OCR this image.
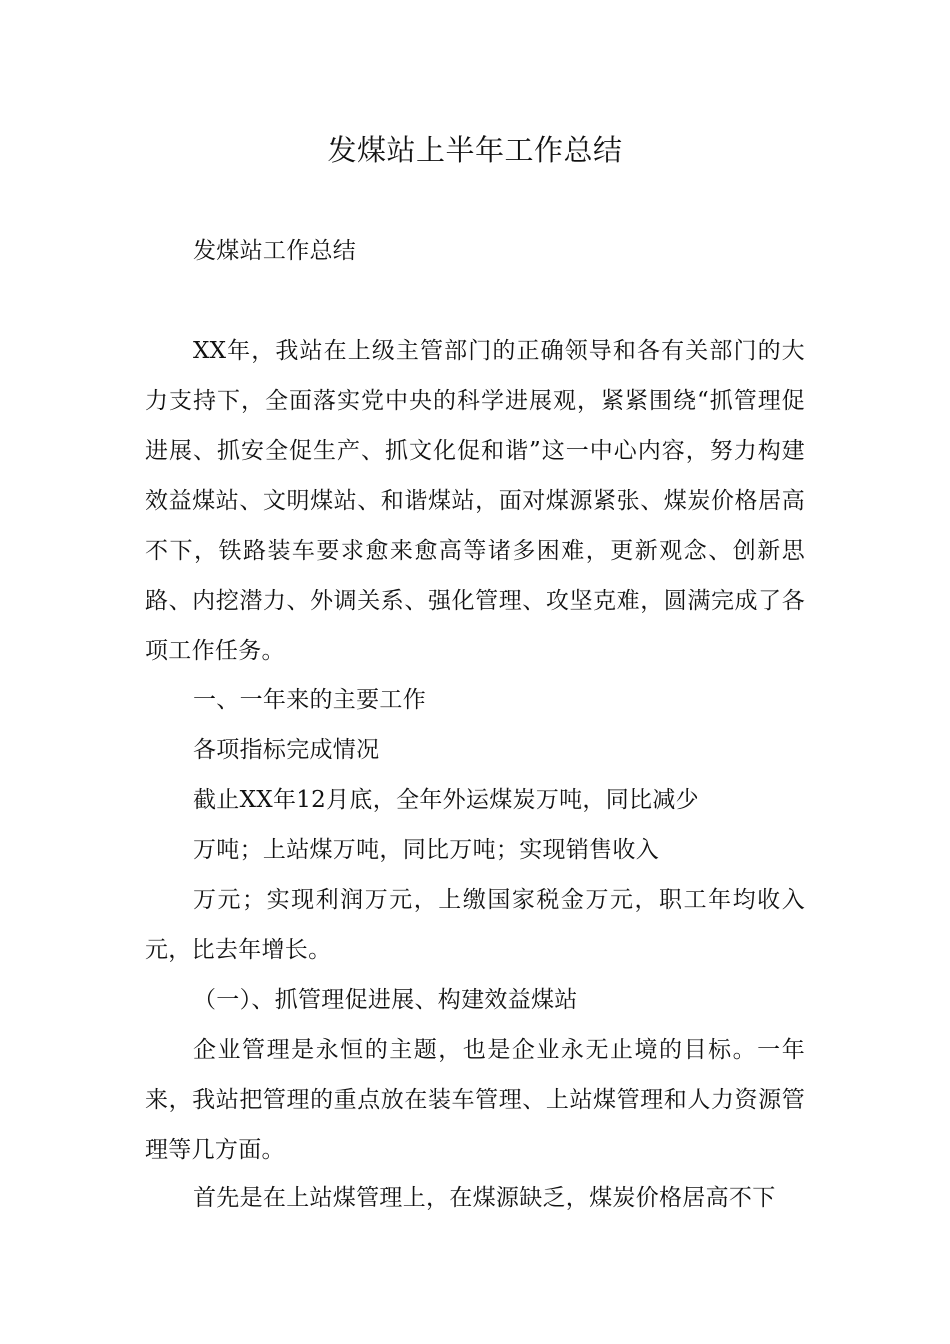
发煤站上半年工作总结
发煤站工作总结
XX年，我站在上级主管部门的正确领导和各有关部门的大力支持下，全面落实党中央的科学进展观，紧紧围绕“抓管理促进展、抓安全促生产、抓文化促和谐”这一中心内容，努力构建效益煤站、文明煤站、和谐煤站，面对煤源紧张、煤炭价格居高不下，铁路装车要求愈来愈高等诸多困难，更新观念、创新思路、内挖潜力、外调关系、强化管理、攻坚克难，圆满完成了各项工作任务。
一、一年来的主要工作
各项指标完成情况
截止XX年12月底，全年外运煤炭万吨，同比减少
万吨；上站煤万吨，同比万吨；实现销售收入
万元；实现利润万元，上缴国家税金万元，职工年均收入元，比去年增长。
（一）、抓管理促进展、构建效益煤站
企业管理是永恒的主题，也是企业永无止境的目标。一年来，我站把管理的重点放在装车管理、上站煤管理和人力资源管理等几方面。
首先是在上站煤管理上，在煤源缺乏，煤炭价格居高不下
